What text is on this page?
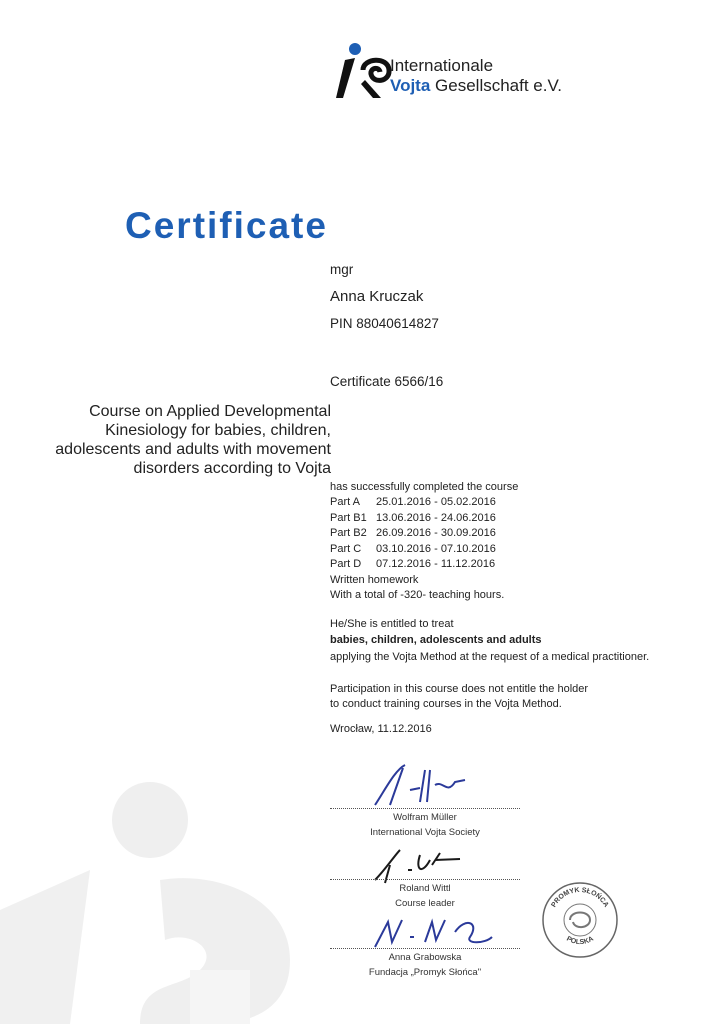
Internationale
Vojta Gesellschaft e.V.
Certificate
mgr
Anna Kruczak
PIN 88040614827
Certificate 6566/16
Course on Applied Developmental
Kinesiology for babies, children,
adolescents and adults with movement
disorders according to Vojta
has successfully completed the course
Part A 25.01.2016 - 05.02.2016
Part B1 13.06.2016 - 24.06.2016
Part B2 26.09.2016 - 30.09.2016
Part C 03.10.2016 - 07.10.2016
Part D 07.12.2016 - 11.12.2016
Written homework
With a total of -320- teaching hours.
He/She is entitled to treat
babies, children, adolescents and adults
applying the Vojta Method at the request of a medical practitioner.
Participation in this course does not entitle the holder
to conduct training courses in the Vojta Method.
Wrocław, 11.12.2016
Wolfram Müller
International Vojta Society
Roland Wittl
Course leader
Anna Grabowska
Fundacja „Promyk Słońca"
PROMYK SŁOŃCA
POLSKA
